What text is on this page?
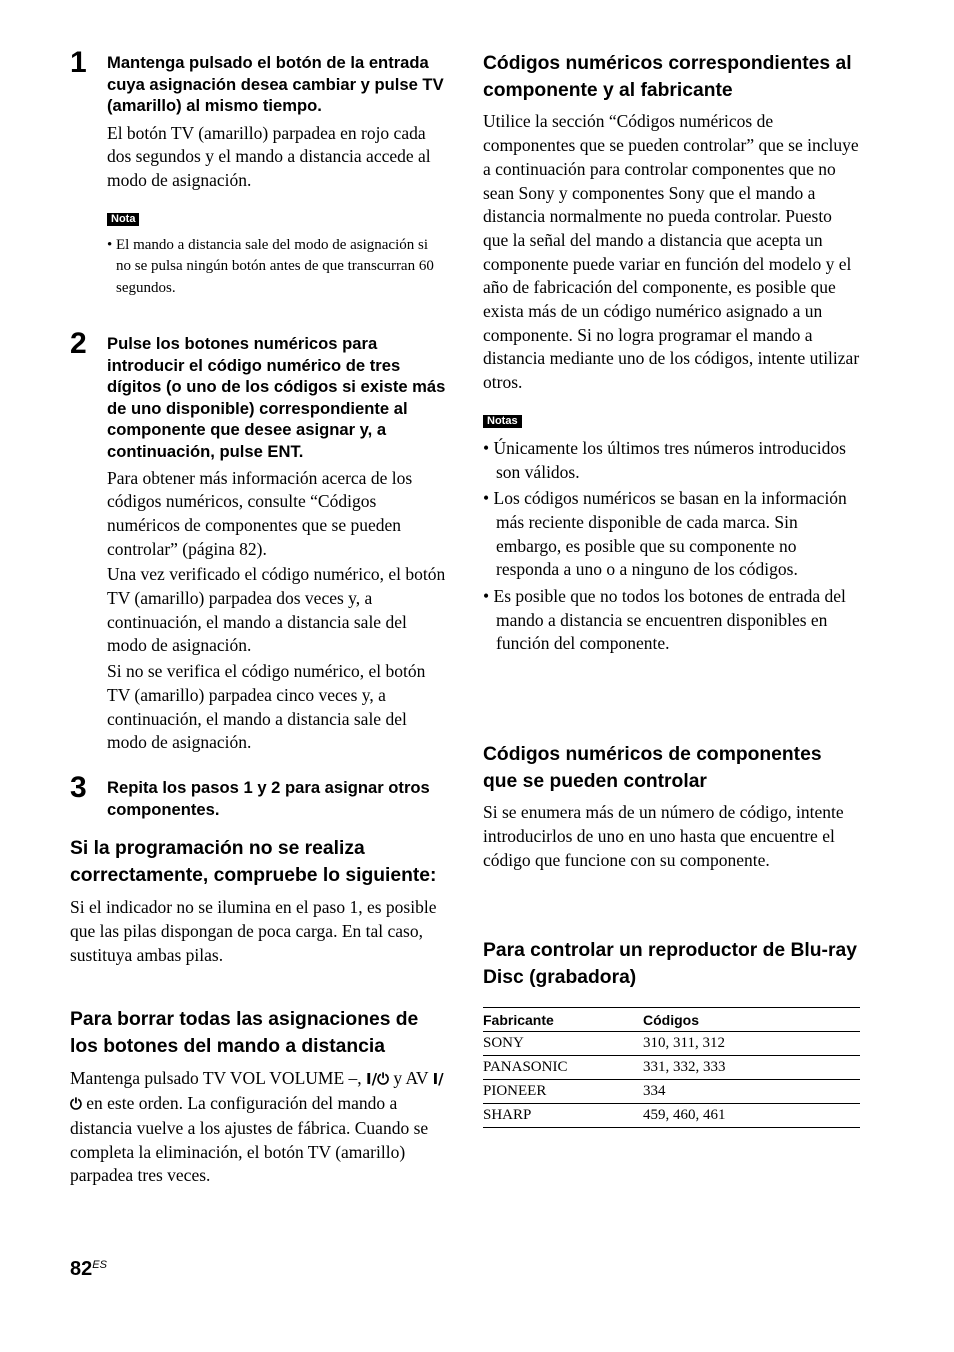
1 Mantenga pulsado el botón de la entrada cuya asignación desea cambiar y pulse TV (amarillo) al mismo tiempo.

El botón TV (amarillo) parpadea en rojo cada dos segundos y el mando a distancia accede al modo de asignación.

Nota

• El mando a distancia sale del modo de asignación si no se pulsa ningún botón antes de que transcurran 60 segundos.

2 Pulse los botones numéricos para introducir el código numérico de tres dígitos (o uno de los códigos si existe más de uno disponible) correspondiente al componente que desee asignar y, a continuación, pulse ENT.

Para obtener más información acerca de los códigos numéricos, consulte “Códigos numéricos de componentes que se pueden controlar” (página 82).

Una vez verificado el código numérico, el botón TV (amarillo) parpadea dos veces y, a continuación, el mando a distancia sale del modo de asignación.

Si no se verifica el código numérico, el botón TV (amarillo) parpadea cinco veces y, a continuación, el mando a distancia sale del modo de asignación.

3 Repita los pasos 1 y 2 para asignar otros componentes.
Si la programación no se realiza correctamente, compruebe lo siguiente:

Si el indicador no se ilumina en el paso 1, es posible que las pilas dispongan de poca carga. En tal caso, sustituya ambas pilas.

Para borrar todas las asignaciones de los botones del mando a distancia

Mantenga pulsado TV VOL VOLUME –, I/⏻ y AV I/⏻ en este orden. La configuración del mando a distancia vuelve a los ajustes de fábrica. Cuando se completa la eliminación, el botón TV (amarillo) parpadea tres veces.

Códigos numéricos correspondientes al componente y al fabricante

Utilice la sección “Códigos numéricos de componentes que se pueden controlar” que se incluye a continuación para controlar componentes que no sean Sony y componentes Sony que el mando a distancia normalmente no pueda controlar. Puesto que la señal del mando a distancia que acepta un componente puede variar en función del modelo y el año de fabricación del componente, es posible que exista más de un código numérico asignado a un componente. Si no logra programar el mando a distancia mediante uno de los códigos, intente utilizar otros.

Notas

• Únicamente los últimos tres números introducidos son válidos.

• Los códigos numéricos se basan en la información más reciente disponible de cada marca. Sin embargo, es posible que su componente no responda a uno o a ninguno de los códigos.

• Es posible que no todos los botones de entrada del mando a distancia se encuentren disponibles en función del componente.

Códigos numéricos de componentes que se pueden controlar

Si se enumera más de un número de código, intente introducirlos de uno en uno hasta que encuentre el código que funcione con su componente.

Para controlar un reproductor de Blu-ray Disc (grabadora)
Fabricante	Códigos
SONY	310, 311, 312
PANASONIC	331, 332, 333
PIONEER	334
SHARP	459, 460, 461
$82^{ES}$
